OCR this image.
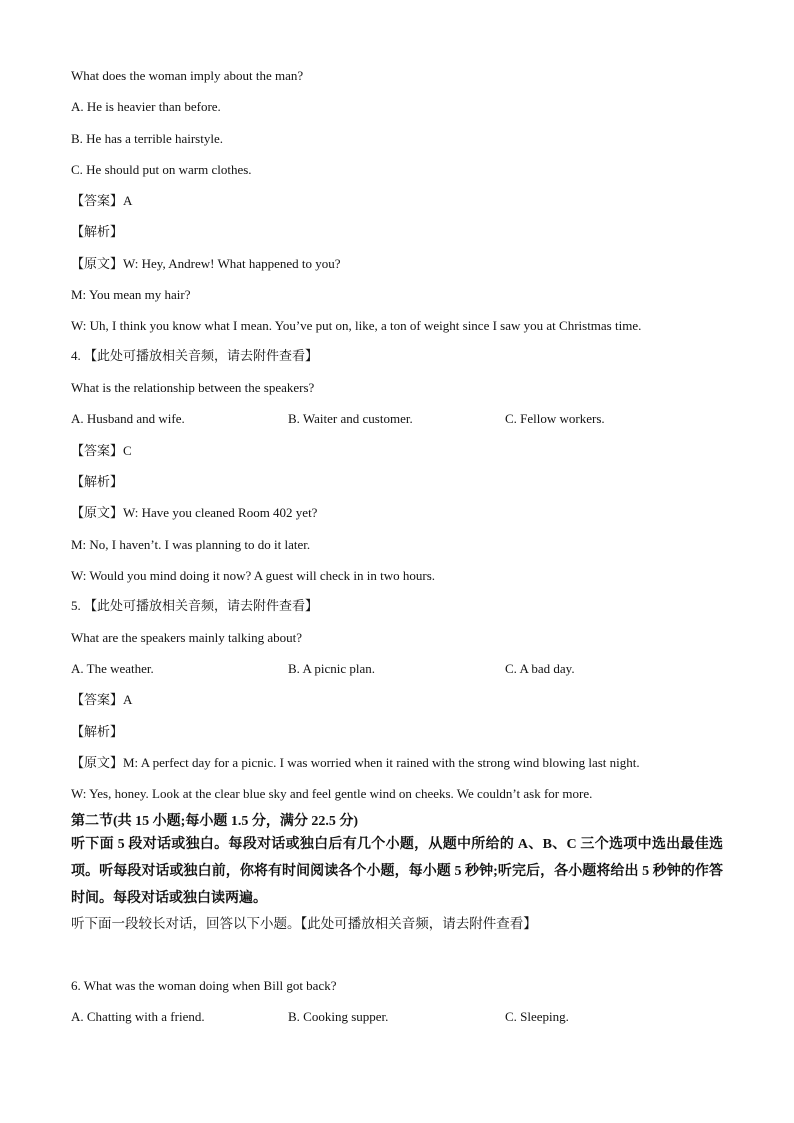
What does the woman imply about the man?
A. He is heavier than before.
B. He has a terrible hairstyle.
C. He should put on warm clothes.
【答案】A
【解析】
【原文】W: Hey, Andrew! What happened to you?
M: You mean my hair?
W: Uh, I think you know what I mean. You’ve put on, like, a ton of weight since I saw you at Christmas time.
4. 【此处可播放相关音频，请去附件查看】
What is the relationship between the speakers?
A. Husband and wife.	B. Waiter and customer.	C. Fellow workers.
【答案】C
【解析】
【原文】W: Have you cleaned Room 402 yet?
M: No, I haven’t. I was planning to do it later.
W: Would you mind doing it now? A guest will check in in two hours.
5. 【此处可播放相关音频，请去附件查看】
What are the speakers mainly talking about?
A. The weather.	B. A picnic plan.	C. A bad day.
【答案】A
【解析】
【原文】M: A perfect day for a picnic. I was worried when it rained with the strong wind blowing last night.
W: Yes, honey. Look at the clear blue sky and feel gentle wind on cheeks. We couldn’t ask for more.
第二节(共 15 小题;每小题 1.5 分，满分 22.5 分)
听下面 5 段对话或独白。每段对话或独白后有几个小题，从题中所给的 A、B、C 三个选项中选出最佳选项。听每段对话或独白前，你将有时间阅读各个小题，每小题 5 秒钟;听完后，各小题将给出 5 秒钟的作答时间。每段对话或独白读两遍。
听下面一段较长对话，回答以下小题。【此处可播放相关音频，请去附件查看】
6. What was the woman doing when Bill got back?
A. Chatting with a friend.	B. Cooking supper.	C. Sleeping.
